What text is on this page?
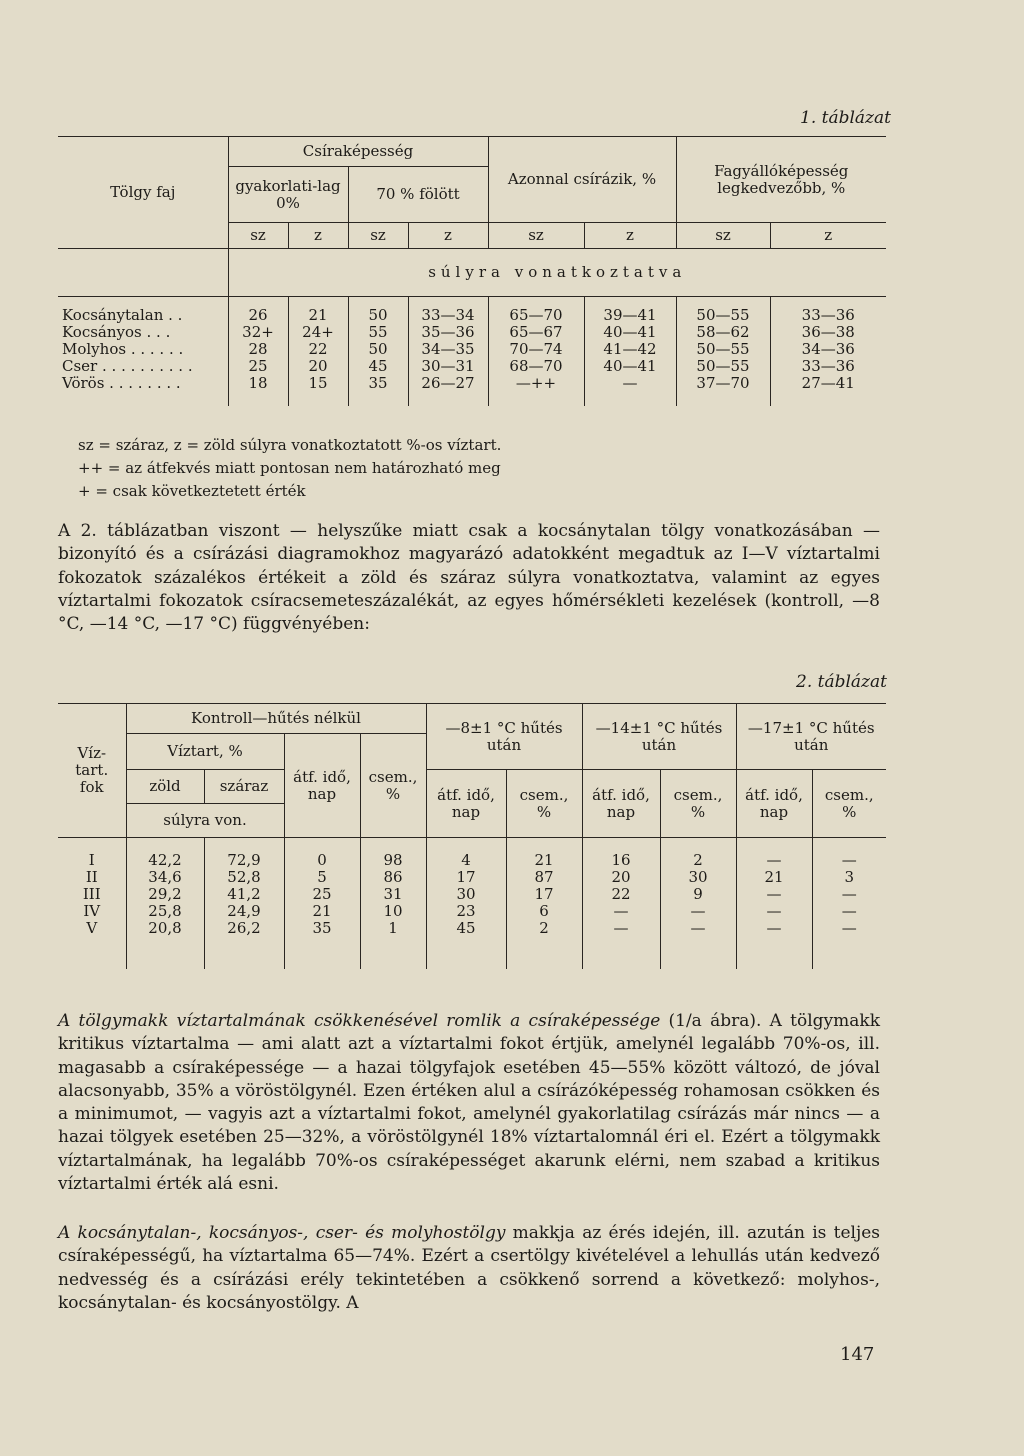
1. táblázat
Tölgy faj	Csíraképesség				Azonnal csírázik, %		Fagyállóképesség legkedvezőbb, %	
	gyakorlati-lag 0%		70 % fölött					
	sz	z	sz	z	sz	z	sz	z
	súlyra vonatkoztatva							

Kocsánytalan . .	26	21	50	33—34	65—70	39—41	50—55	33—36
Kocsányos . . .	32+	24+	55	35—36	65—67	40—41	58—62	36—38
Molyhos . . . . . .	28	22	50	34—35	70—74	41—42	50—55	34—36
Cser . . . . . . . . . .	25	20	45	30—31	68—70	40—41	50—55	33—36
Vörös . . . . . . . .	18	15	35	26—27	—++	—	37—70	27—41

sz = száraz, z = zöld súlyra vonatkoztatott %-os víztart.
++ = az átfekvés miatt pontosan nem határozható meg
+ = csak következtetett érték
A 2. táblázatban viszont — helyszűke miatt csak a kocsánytalan tölgy vonatkozásában — bizonyító és a csírázási diagramokhoz magyarázó adatokként megadtuk az I—V víztartalmi fokozatok százalékos értékeit a zöld és száraz súlyra vonatkoztatva, valamint az egyes víztartalmi fokozatok csíracsemeteszázalékát, az egyes hőmérsékleti kezelések (kontroll, —8 °C, —14 °C, —17 °C) függvényében:
2. táblázat
Víz-tart. fok	Kontroll—hűtés nélkül				—8±1 °C hűtés után		—14±1 °C hűtés után		—17±1 °C hűtés után	
	Víztart, %		átf. idő, nap	csem., %						
	zöld	száraz			átf. idő, nap	csem., %	átf. idő, nap	csem., %	átf. idő, nap	csem., %
	súlyra von.									

I	42,2	72,9	0	98	4	21	16	2	—	—
II	34,6	52,8	5	86	17	87	20	30	21	3
III	29,2	41,2	25	31	30	17	22	9	—	—
IV	25,8	24,9	21	10	23	6	—	—	—	—
V	20,8	26,2	35	1	45	2	—	—	—	—

A tölgymakk víztartalmának csökkenésével romlik a csíraképessége (1/a ábra). A tölgymakk kritikus víztartalma — ami alatt azt a víztartalmi fokot értjük, amelynél legalább 70%-os, ill. magasabb a csíraképessége — a hazai tölgyfajok esetében 45—55% között változó, de jóval alacsonyabb, 35% a vöröstölgynél. Ezen értéken alul a csírázóképesség rohamosan csökken és a minimumot, — vagyis azt a víztartalmi fokot, amelynél gyakorlatilag csírázás már nincs — a hazai tölgyek esetében 25—32%, a vöröstölgynél 18% víztartalomnál éri el. Ezért a tölgymakk víztartalmának, ha legalább 70%-os csíraképességet akarunk elérni, nem szabad a kritikus víztartalmi érték alá esni.
A kocsánytalan-, kocsányos-, cser- és molyhostölgy makkja az érés idején, ill. azután is teljes csíraképességű, ha víztartalma 65—74%. Ezért a csertölgy kivételével a lehullás után kedvező nedvesség és a csírázási erély tekintetében a csökkenő sorrend a következő: molyhos-, kocsánytalan- és kocsányostölgy. A
147
